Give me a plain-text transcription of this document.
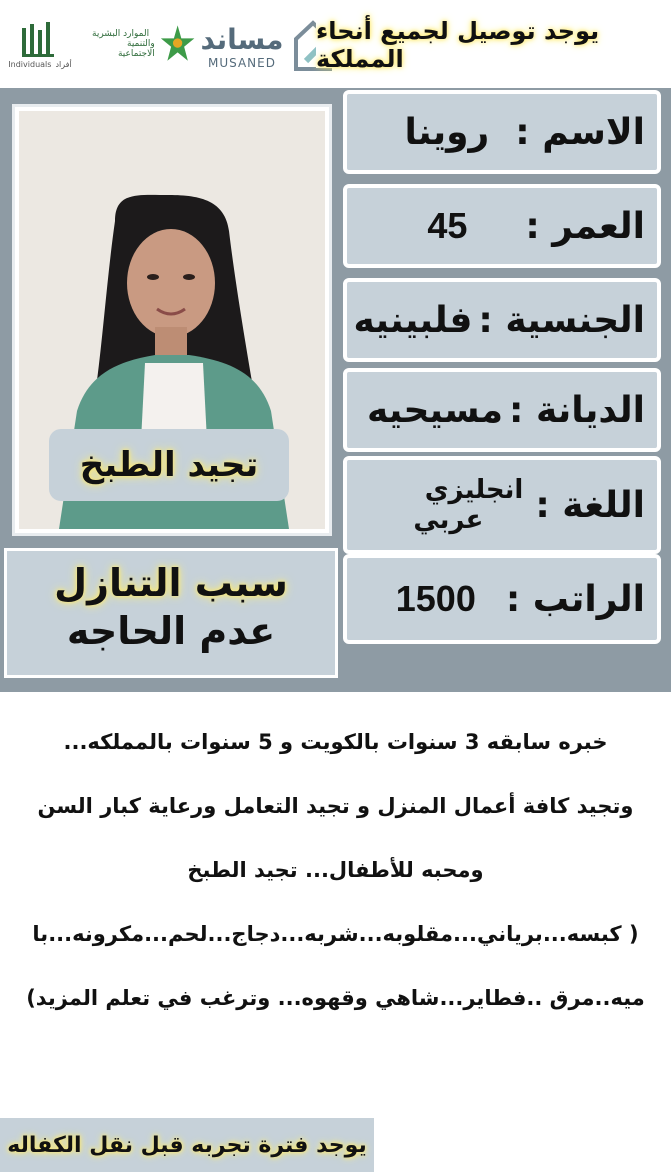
Individuals أفراد
الموارد البشرية
والتنمية الاجتماعية مساند
MUSANED
يوجد توصيل لجميع أنحاء المملكة
الاسم :
روينا
العمر :
45
الجنسية :
فلبينيه
الديانة :
مسيحيه
اللغة :
انجليزي
عربي
الراتب :
1500
تجيد الطبخ
سبب التنازل
عدم الحاجه

خبره سابقه 3 سنوات بالكويت و 5 سنوات بالمملكه...

وتجيد كافة أعمال المنزل و تجيد التعامل ورعاية كبار السن

ومحبه للأطفال... تجيد الطبخ

( كبسه...برياني...مقلوبه...شربه...دجاج...لحم...مكرونه...با

ميه..مرق ..فطاير...شاهي وقهوه... وترغب في تعلم المزيد)

يوجد فترة تجربه قبل نقل الكفاله
